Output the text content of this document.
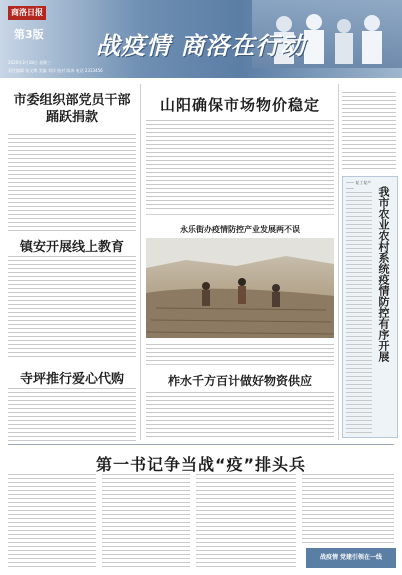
商洛日报
第3版 战疫情 商洛在行动
2020年3月18日 星期三
责任编辑 张文博 美编 刘洋 校对 陈涛 电话 2313456
市委组织部党员干部踊跃捐款
镇安开展线上教育
寺坪推行爱心代购
山阳确保市场物价稳定
永乐街办疫情防控产业发展两不误
柞水千方百计做好物资供应
我市农业农村系统疫情防控有序开展
—— 复工复产 ——
第一书记争当战“疫”排头兵
战疫情 党建引领在一线
